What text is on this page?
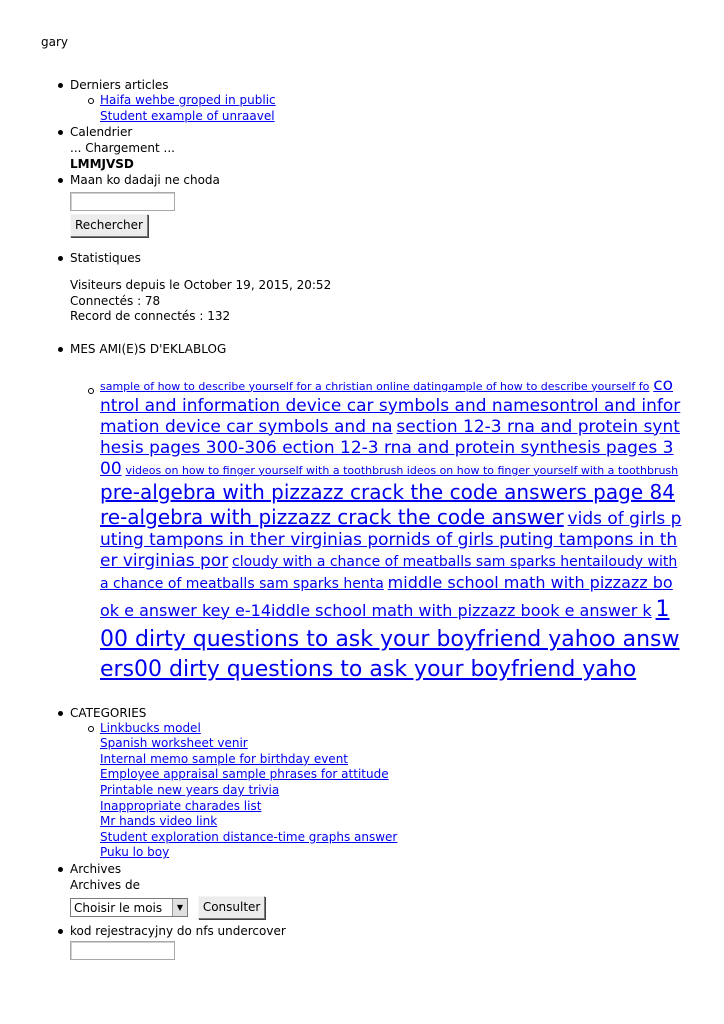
gary
Derniers articles
Haifa wehbe groped in public
Student example of unraavel
Calendrier
... Chargement ...
LMMJVSD
Maan ko dadaji ne choda
Rechercher
Statistiques
Visiteurs depuis le October 19, 2015, 20:52
Connectés : 78
Record de connectés : 132
MES AMI(E)S D'EKLABLOG
sample of how to describe yourself for a christian online datingample of how to describe yourself fo control and information device car symbols and namesontrol and information device car symbols and na section 12-3 rna and protein synthesis pages 300-306 ection 12-3 rna and protein synthesis pages 300 videos on how to finger yourself with a toothbrush ideos on how to finger yourself with a toothbrush pre-algebra with pizzazz crack the code answers page 84re-algebra with pizzazz crack the code answer vids of girls puting tampons in ther virginias pornids of girls puting tampons in ther virginias por cloudy with a chance of meatballs sam sparks hentailoudy with a chance of meatballs sam sparks henta middle school math with pizzazz book e answer key e-14iddle school math with pizzazz book e answer k 100 dirty questions to ask your boyfriend yahoo answers00 dirty questions to ask your boyfriend yaho
CATEGORIES
Linkbucks model
Spanish worksheet venir
Internal memo sample for birthday event
Employee appraisal sample phrases for attitude
Printable new years day trivia
Inappropriate charades list
Mr hands video link
Student exploration distance-time graphs answer
Puku lo boy
Archives
Archives de
Choisir le mois	▼	Consulter
kod rejestracyjny do nfs undercover
